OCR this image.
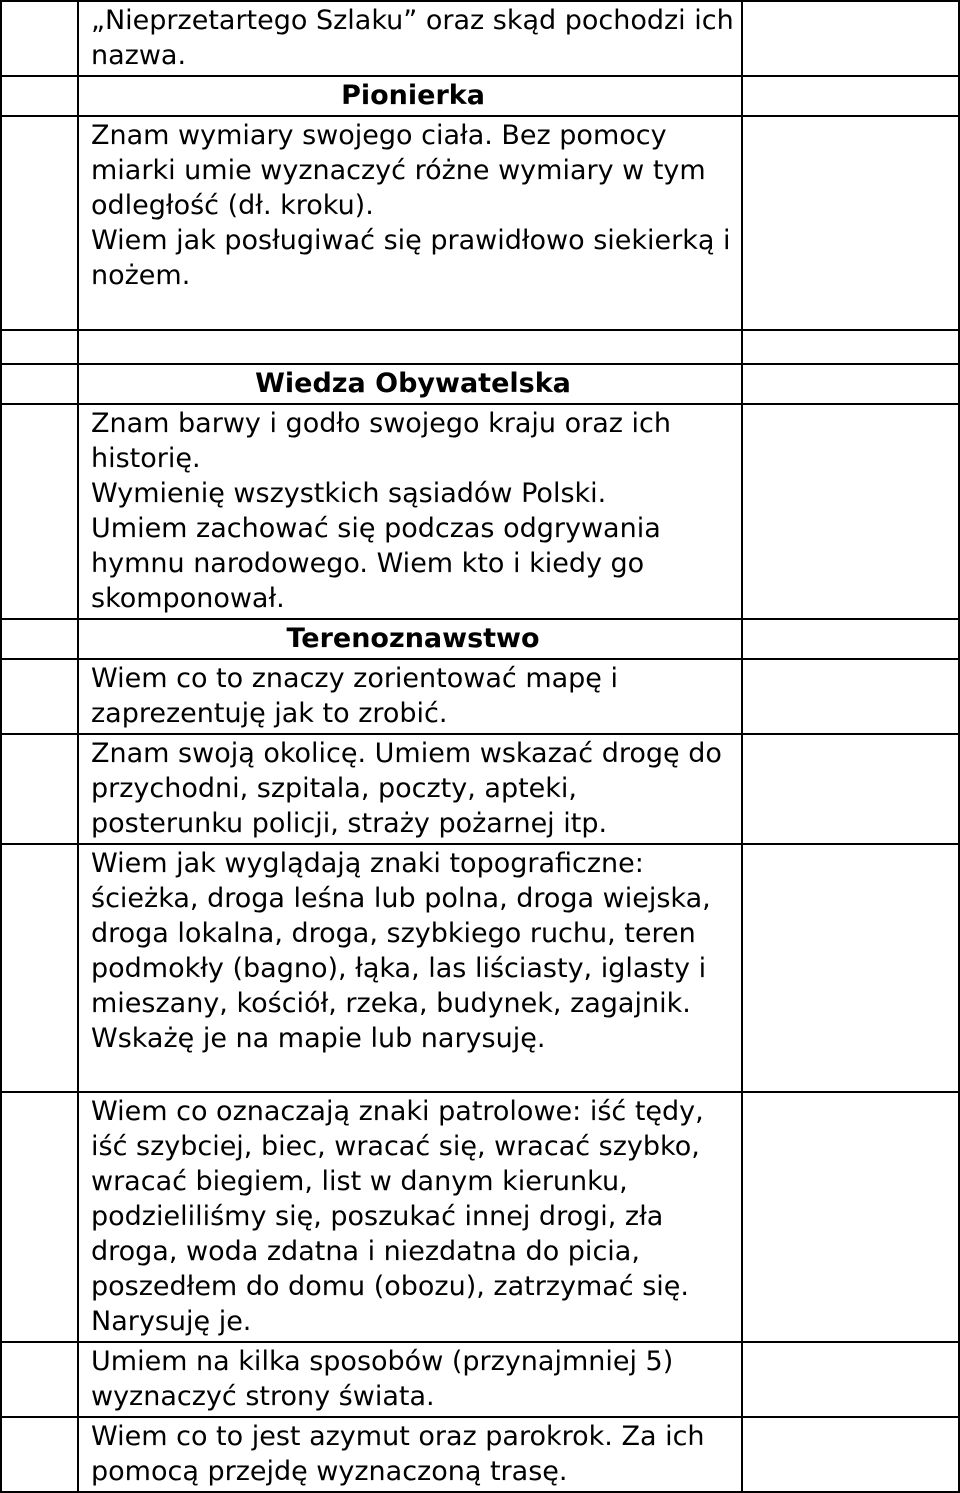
	„Nieprzetartego Szlaku” oraz skąd pochodzi ich nazwa.	

	Pionierka	

	Znam wymiary swojego ciała. Bez pomocy miarki umie wyznaczyć różne wymiary w tym odległość (dł. kroku).
Wiem jak posługiwać się prawidłowo siekierką i nożem.	

	Wiedza Obywatelska	

	Znam barwy i godło swojego kraju oraz ich historię.
Wymienię wszystkich sąsiadów Polski.
Umiem zachować się podczas odgrywania hymnu narodowego. Wiem kto i kiedy go skomponował.	

	Terenoznawstwo	

	Wiem co to znaczy zorientować mapę i zaprezentuję jak to zrobić.	

	Znam swoją okolicę. Umiem wskazać drogę do przychodni, szpitala, poczty, apteki, posterunku policji, straży pożarnej itp.	

	Wiem jak wyglądają znaki topograficzne: ścieżka, droga leśna lub polna, droga wiejska, droga lokalna, droga, szybkiego ruchu, teren podmokły (bagno), łąka, las liściasty, iglasty i mieszany, kościół, rzeka, budynek, zagajnik. Wskażę je na mapie lub narysuję.	

	Wiem co oznaczają znaki patrolowe: iść tędy, iść szybciej, biec, wracać się, wracać szybko, wracać biegiem, list w danym kierunku, podzieliliśmy się, poszukać innej drogi, zła droga, woda zdatna i niezdatna do picia, poszedłem do domu (obozu), zatrzymać się. Narysuję je.	

	Umiem na kilka sposobów (przynajmniej 5) wyznaczyć strony świata.	

	Wiem co to jest azymut oraz parokrok. Za ich pomocą przejdę wyznaczoną trasę.	
